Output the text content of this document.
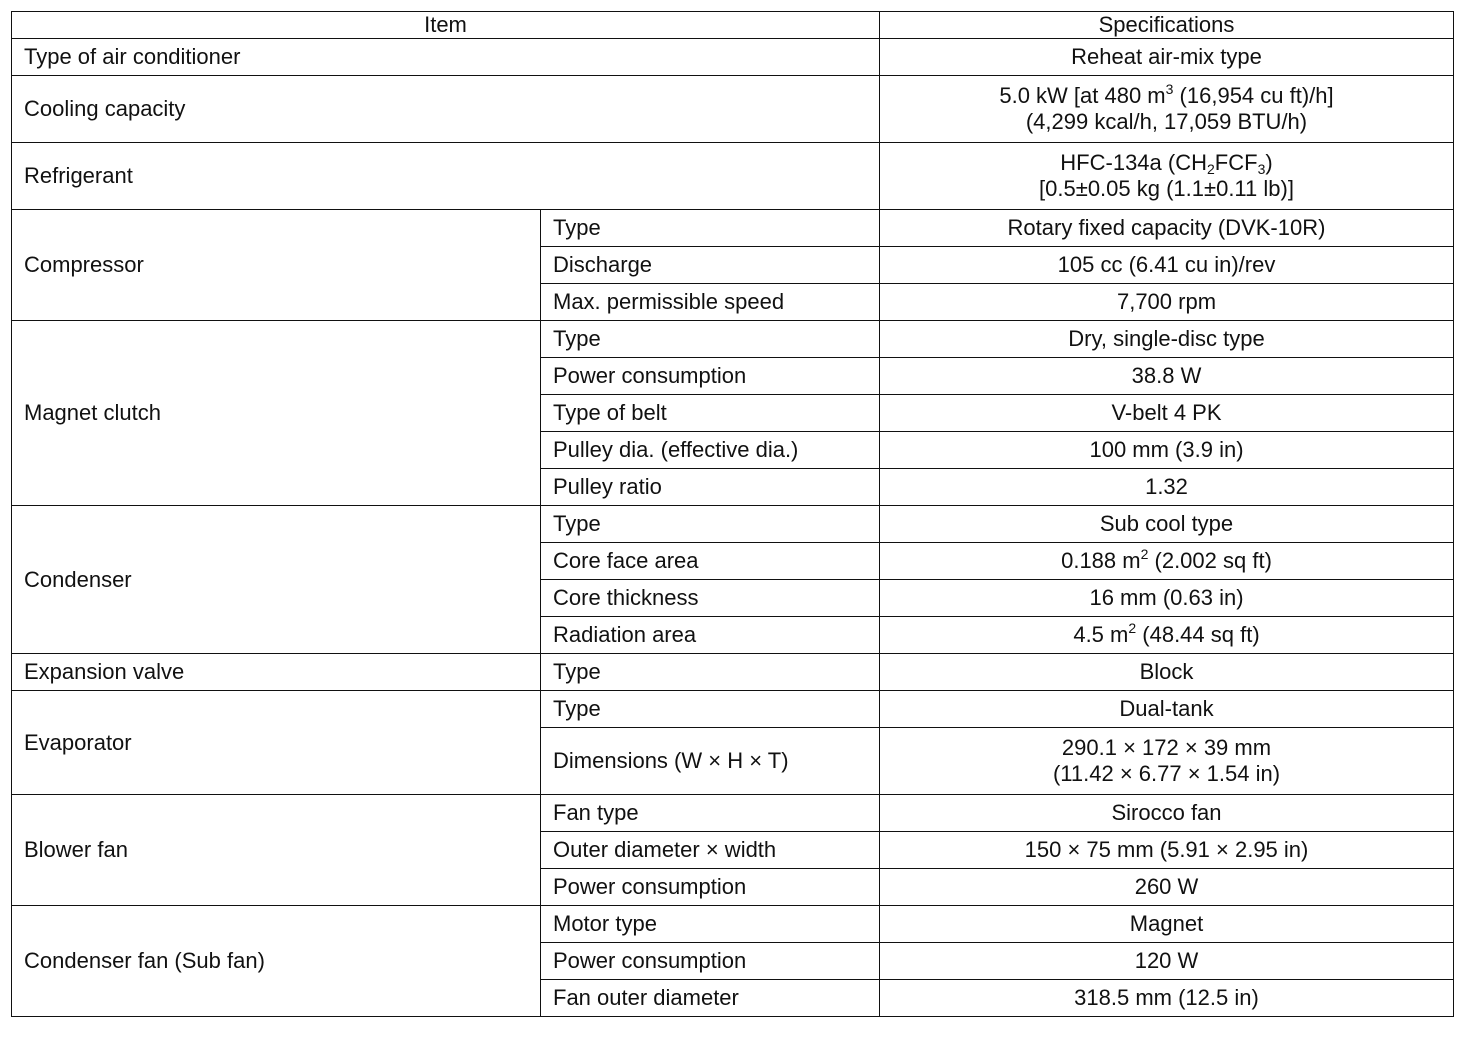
Item		Specifications
Type of air conditioner		Reheat air-mix type
Cooling capacity		5.0 kW [at 480 $m^3$ (16,954 cu ft)/h]
(4,299 kcal/h, 17,059 BTU/h)

Refrigerant		HFC-134a $(CH_2FCF_3)$
[0.5±0.05 kg (1.1±0.11 lb)]

Compressor	Type	Rotary fixed capacity (DVK-10R)
	Discharge	105 cc (6.41 cu in)/rev
	Max. permissible speed	7,700 rpm
Magnet clutch	Type	Dry, single-disc type
	Power consumption	38.8 W
	Type of belt	V-belt 4 PK
	Pulley dia. (effective dia.)	100 mm (3.9 in)
	Pulley ratio	1.32
Condenser	Type	Sub cool type
	Core face area	0.188 $m^2$ (2.002 sq ft)
	Core thickness	16 mm (0.63 in)
	Radiation area	4.5 $m^2$ (48.44 sq ft)
Expansion valve	Type	Block
Evaporator	Type	Dual-tank
	Dimensions (W × H × T)	290.1 × 172 × 39 mm
(11.42 × 6.77 × 1.54 in)

Blower fan	Fan type	Sirocco fan
	Outer diameter × width	150 × 75 mm (5.91 × 2.95 in)
	Power consumption	260 W
Condenser fan (Sub fan)	Motor type	Magnet
	Power consumption	120 W
	Fan outer diameter	318.5 mm (12.5 in)
